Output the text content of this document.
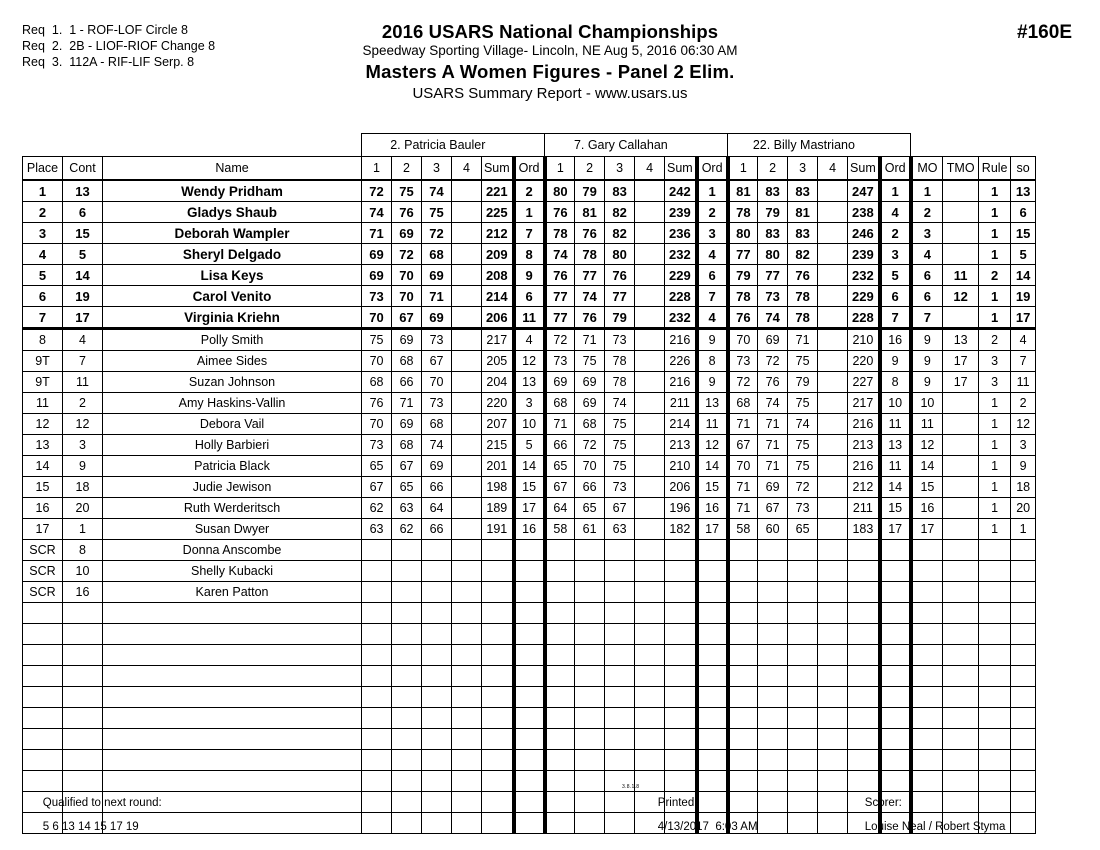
Req  1.  1 - ROF-LOF Circle 8
Req  2.  2B - LIOF-RIOF Change 8
Req  3.  112A - RIF-LIF Serp. 8
2016 USARS National Championships
Speedway Sporting Village- Lincoln, NE Aug 5, 2016 06:30 AM
Masters A Women Figures - Panel 2 Elim.
USARS Summary Report - www.usars.us
#160E
			2. Patricia Bauler						7. Gary Callahan						22. Billy Mastriano									
Place	Cont	Name	1	2	3	4	Sum	Ord	1	2	3	4	Sum	Ord	1	2	3	4	Sum	Ord	MO	TMO	Rule	so
1	13	Wendy Pridham	72	75	74		221	2	80	79	83		242	1	81	83	83		247	1	1		1	13
2	6	Gladys Shaub	74	76	75		225	1	76	81	82		239	2	78	79	81		238	4	2		1	6
3	15	Deborah Wampler	71	69	72		212	7	78	76	82		236	3	80	83	83		246	2	3		1	15
4	5	Sheryl Delgado	69	72	68		209	8	74	78	80		232	4	77	80	82		239	3	4		1	5
5	14	Lisa Keys	69	70	69		208	9	76	77	76		229	6	79	77	76		232	5	6	11	2	14
6	19	Carol Venito	73	70	71		214	6	77	74	77		228	7	78	73	78		229	6	6	12	1	19
7	17	Virginia Kriehn	70	67	69		206	11	77	76	79		232	4	76	74	78		228	7	7		1	17
8	4	Polly Smith	75	69	73		217	4	72	71	73		216	9	70	69	71		210	16	9	13	2	4
9T	7	Aimee Sides	70	68	67		205	12	73	75	78		226	8	73	72	75		220	9	9	17	3	7
9T	11	Suzan Johnson	68	66	70		204	13	69	69	78		216	9	72	76	79		227	8	9	17	3	11
11	2	Amy Haskins-Vallin	76	71	73		220	3	68	69	74		211	13	68	74	75		217	10	10		1	2
12	12	Debora Vail	70	69	68		207	10	71	68	75		214	11	71	71	74		216	11	11		1	12
13	3	Holly Barbieri	73	68	74		215	5	66	72	75		213	12	67	71	75		213	13	12		1	3
14	9	Patricia Black	65	67	69		201	14	65	70	75		210	14	70	71	75		216	11	14		1	9
15	18	Judie Jewison	67	65	66		198	15	67	66	73		206	15	71	69	72		212	14	15		1	18
16	20	Ruth Werderitsch	62	63	64		189	17	64	65	67		196	16	71	67	73		211	15	16		1	20
17	1	Susan Dwyer	63	62	66		191	16	58	61	63		182	17	58	60	65		183	17	17		1	1
SCR	8	Donna Anscombe																						
SCR	10	Shelly Kubacki																						
SCR	16	Karen Patton																						

Qualified to next round:

5 6 13 14 15 17 19

3.8.1.8

Printed:

4/13/2017  6:03 AM

Scorer:

Louise Neal / Robert Styma
